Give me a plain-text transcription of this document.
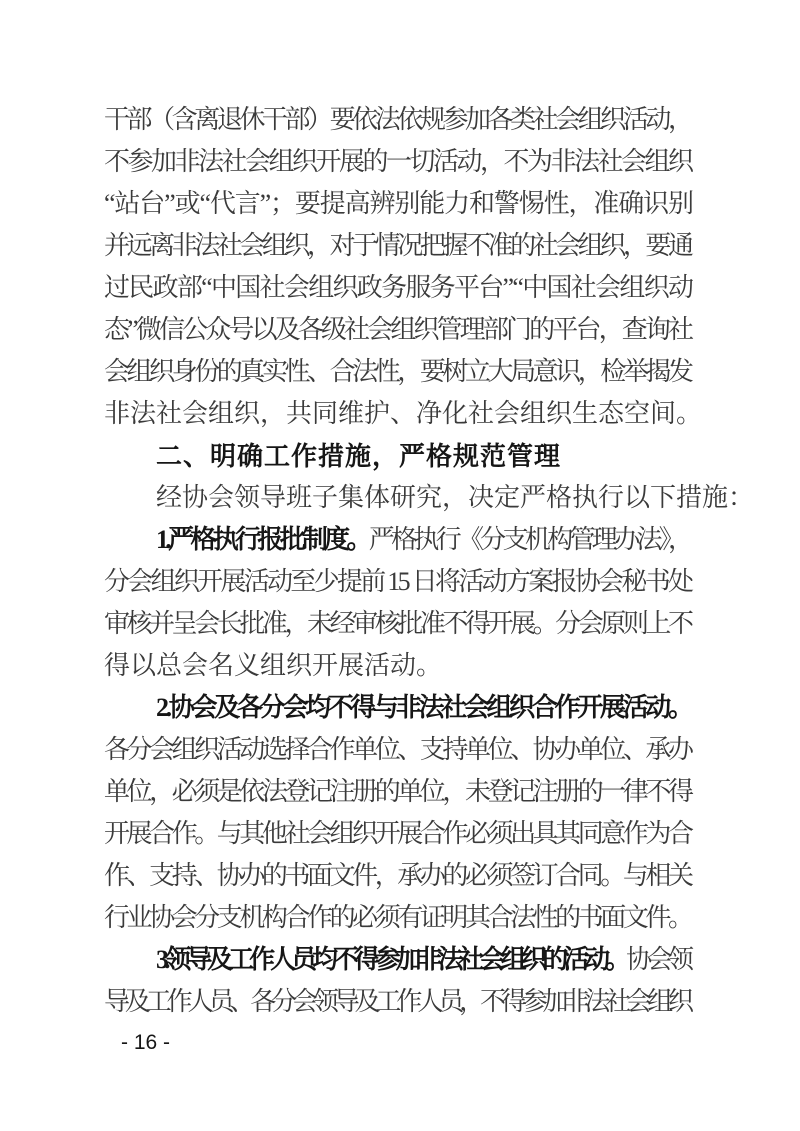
干部（含离退休干部）要依法依规参加各类社会组织活动，
不参加非法社会组织开展的一切活动，不为非法社会组织
“站台”或“代言”；要提高辨别能力和警惕性，准确识别
并远离非法社会组织，对于情况把握不准的社会组织，要通
过民政部“中国社会组织政务服务平台”“中国社会组织动
态”微信公众号以及各级社会组织管理部门的平台，查询社
会组织身份的真实性、合法性，要树立大局意识，检举揭发
非法社会组织，共同维护、净化社会组织生态空间。
二、明确工作措施，严格规范管理
经协会领导班子集体研究，决定严格执行以下措施：
1.严格执行报批制度。严格执行《分支机构管理办法》，
分会组织开展活动至少提前 15 日将活动方案报协会秘书处
审核并呈会长批准，未经审核批准不得开展。分会原则上不
得以总会名义组织开展活动。
2.协会及各分会均不得与非法社会组织合作开展活动。
各分会组织活动选择合作单位、支持单位、协办单位、承办
单位，必须是依法登记注册的单位，未登记注册的一律不得
开展合作。与其他社会组织开展合作必须出具其同意作为合
作、支持、协办的书面文件，承办的必须签订合同。与相关
行业协会分支机构合作的必须有证明其合法性的书面文件。
3.领导及工作人员均不得参加非法社会组织的活动。协会领
导及工作人员、各分会领导及工作人员，不得参加非法社会组织
- 16 -
